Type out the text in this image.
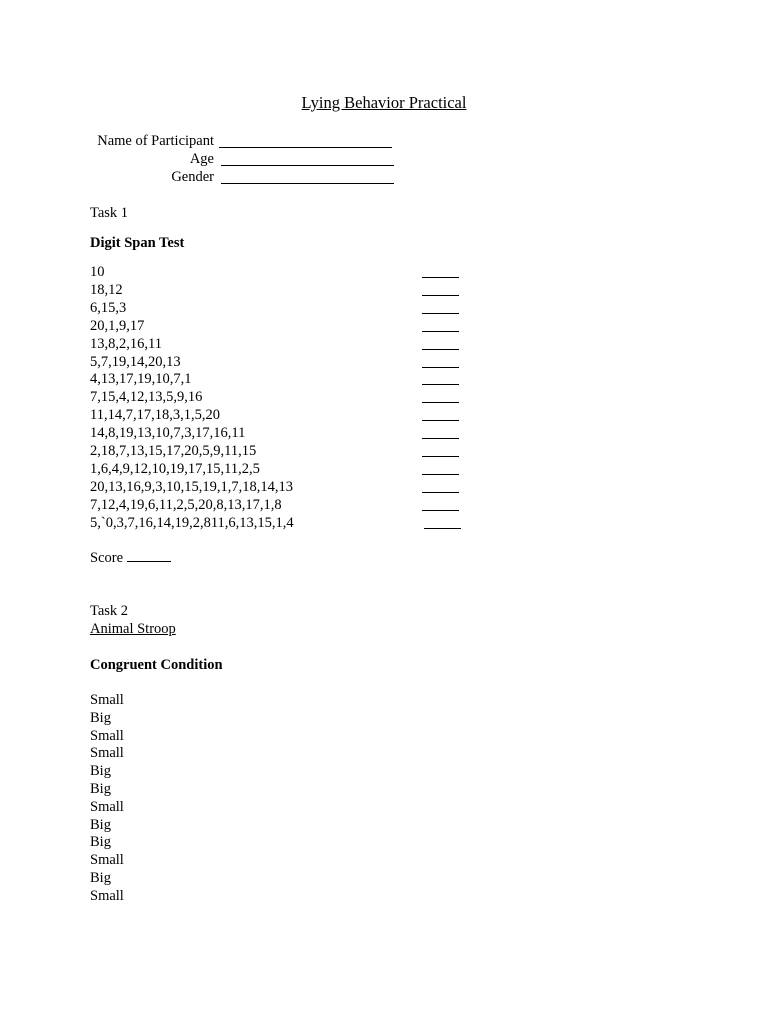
Lying Behavior Practical
Name of Participant
Age
Gender
Task 1
Digit Span Test
10
18,12
6,15,3
20,1,9,17
13,8,2,16,11
5,7,19,14,20,13
4,13,17,19,10,7,1
7,15,4,12,13,5,9,16
11,14,7,17,18,3,1,5,20
14,8,19,13,10,7,3,17,16,11
2,18,7,13,15,17,20,5,9,11,15
1,6,4,9,12,10,19,17,15,11,2,5
20,13,16,9,3,10,15,19,1,7,18,14,13
7,12,4,19,6,11,2,5,20,8,13,17,1,8
5,`0,3,7,16,14,19,2,811,6,13,15,1,4
Score
Task 2
Animal Stroop
Congruent Condition
Small
Big
Small
Small
Big
Big
Small
Big
Big
Small
Big
Small
